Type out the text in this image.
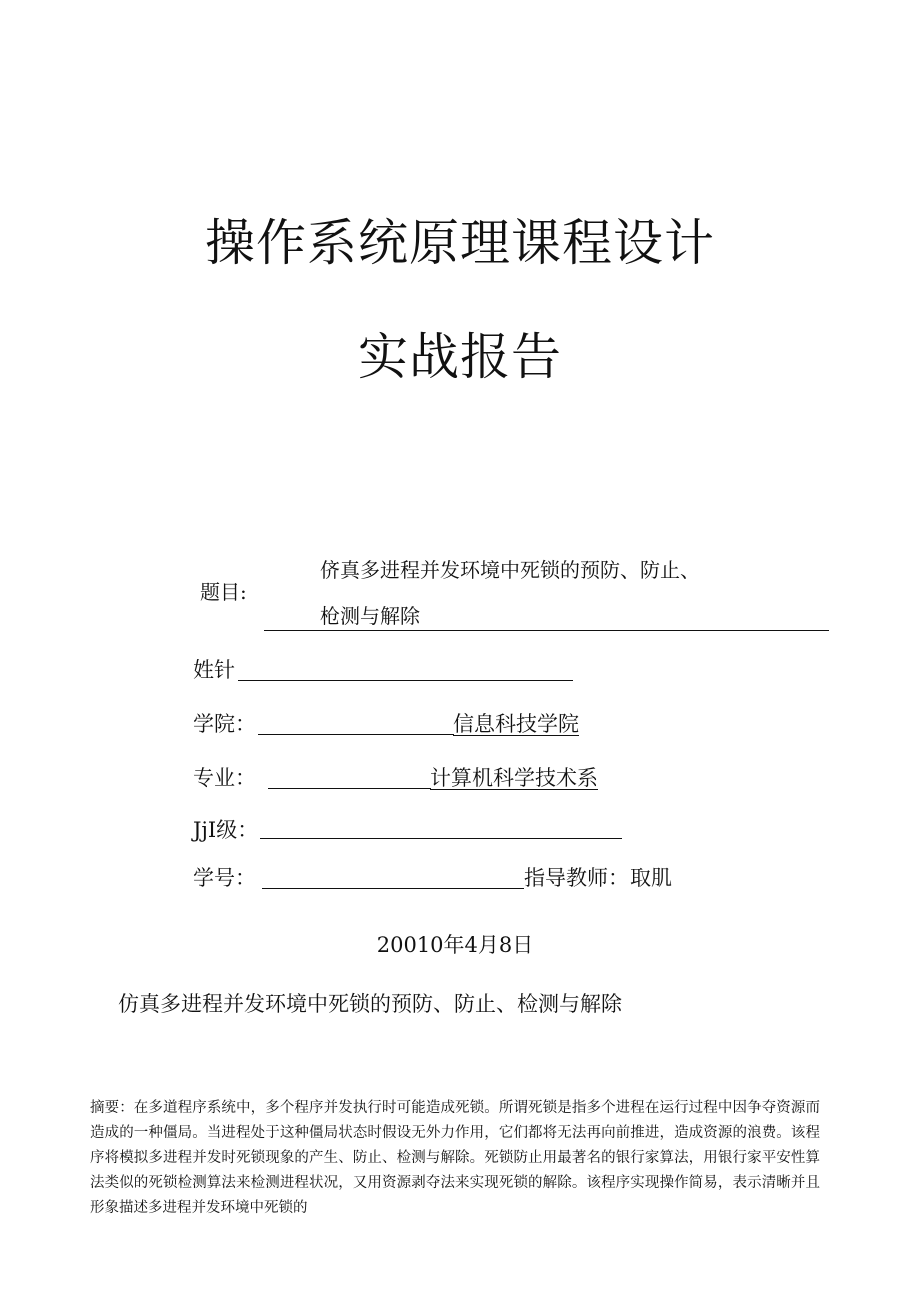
操作系统原理课程设计
实战报告
题目:
侪真多进程并发环境中死锁的预防、防止、
枪测与解除
姓针
学院：	信息科技学院
专业：	计算机科学技术系
JjI级：
学号：	指导教师： 取肌
20010年4月8日
仿真多进程并发环境中死锁的预防、防止、检测与解除
摘要：在多道程序系统中，多个程序并发执行时可能造成死锁。所谓死锁是指多个进程在运行过程中因争夺资源而造成的一种僵局。当进程处于这种僵局状态时假设无外力作用，它们都将无法再向前推进，造成资源的浪费。该程序将模拟多进程并发时死锁现象的产生、防止、检测与解除。死锁防止用最著名的银行家算法，用银行家平安性算法类似的死锁检测算法来检测进程状况，又用资源剥夺法来实现死锁的解除。该程序实现操作简易，表示清晰并且形象描述多进程并发环境中死锁的
